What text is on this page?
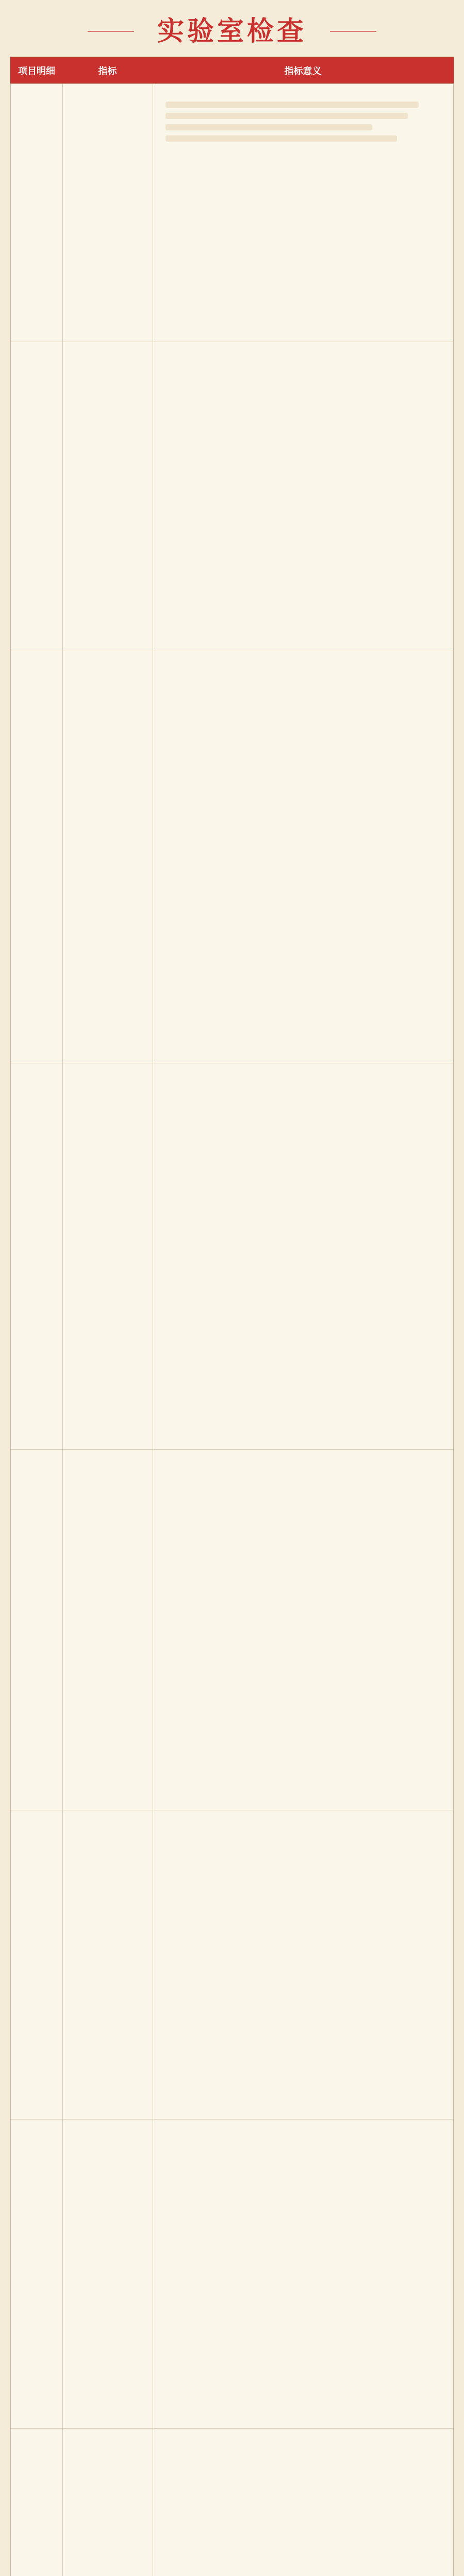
实验室检查
项目明细	指标	指标意义
